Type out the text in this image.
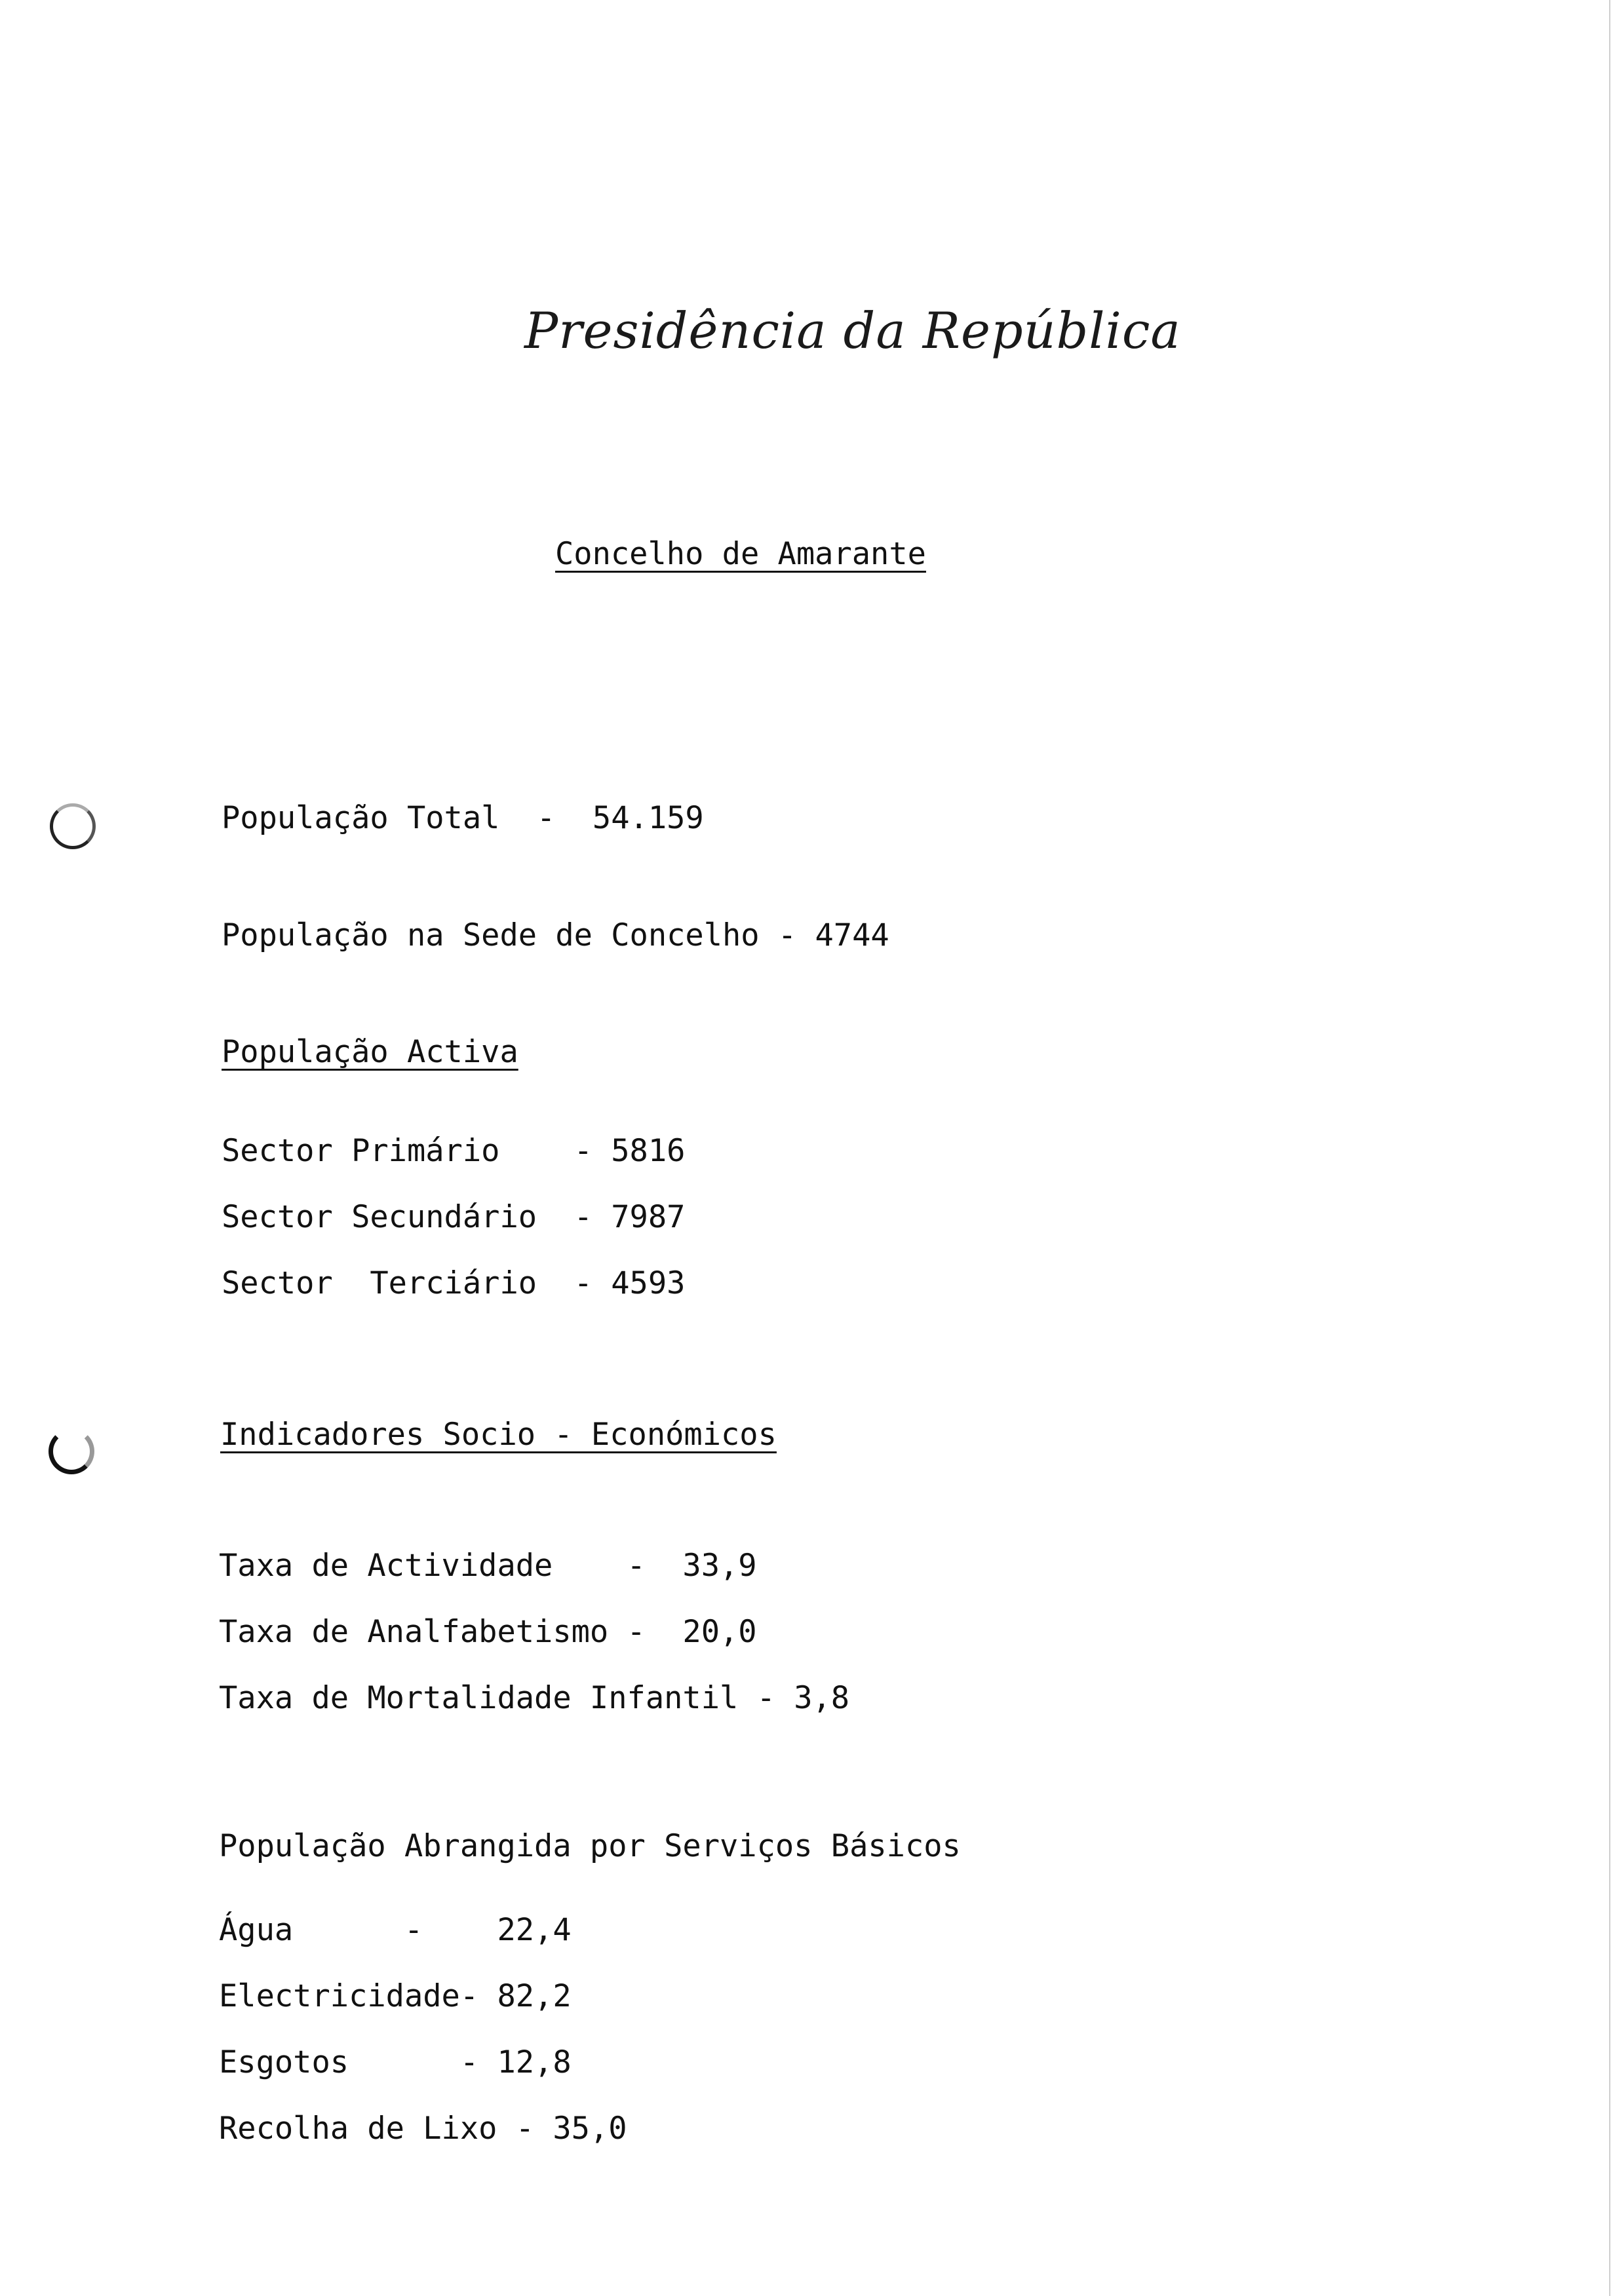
Presidência da República
Concelho de Amarante
População Total  -  54.159
População na Sede de Concelho - 4744
População Activa
Sector Primário    - 5816
Sector Secundário  - 7987
Sector  Terciário  - 4593
Indicadores Socio - Económicos
Taxa de Actividade    -  33,9
Taxa de Analfabetismo -  20,0
Taxa de Mortalidade Infantil - 3,8
População Abrangida por Serviços Básicos
Água      -    22,4
Electricidade- 82,2
Esgotos      - 12,8
Recolha de Lixo - 35,0
